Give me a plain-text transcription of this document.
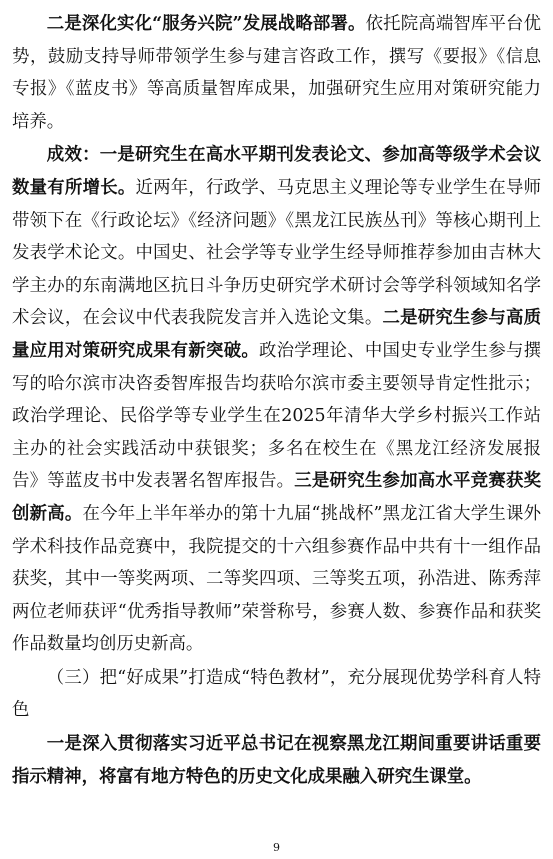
二是深化实化“服务兴院”发展战略部署。依托院高端智库平台优势，鼓励支持导师带领学生参与建言咨政工作，撰写《要报》《信息专报》《蓝皮书》等高质量智库成果，加强研究生应用对策研究能力培养。

成效：一是研究生在高水平期刊发表论文、参加高等级学术会议数量有所增长。近两年，行政学、马克思主义理论等专业学生在导师带领下在《行政论坛》《经济问题》《黑龙江民族丛刊》等核心期刊上发表学术论文。中国史、社会学等专业学生经导师推荐参加由吉林大学主办的东南满地区抗日斗争历史研究学术研讨会等学科领域知名学术会议，在会议中代表我院发言并入选论文集。二是研究生参与高质量应用对策研究成果有新突破。政治学理论、中国史专业学生参与撰写的哈尔滨市决咨委智库报告均获哈尔滨市委主要领导肯定性批示；政治学理论、民俗学等专业学生在2025年清华大学乡村振兴工作站主办的社会实践活动中获银奖；多名在校生在《黑龙江经济发展报告》等蓝皮书中发表署名智库报告。三是研究生参加高水平竞赛获奖创新高。在今年上半年举办的第十九届“挑战杯”黑龙江省大学生课外学术科技作品竞赛中，我院提交的十六组参赛作品中共有十一组作品获奖，其中一等奖两项、二等奖四项、三等奖五项，孙浩进、陈秀萍两位老师获评“优秀指导教师”荣誉称号，参赛人数、参赛作品和获奖作品数量均创历史新高。

（三）把“好成果”打造成“特色教材”，充分展现优势学科育人特色

一是深入贯彻落实习近平总书记在视察黑龙江期间重要讲话重要指示精神，将富有地方特色的历史文化成果融入研究生课堂。

9
